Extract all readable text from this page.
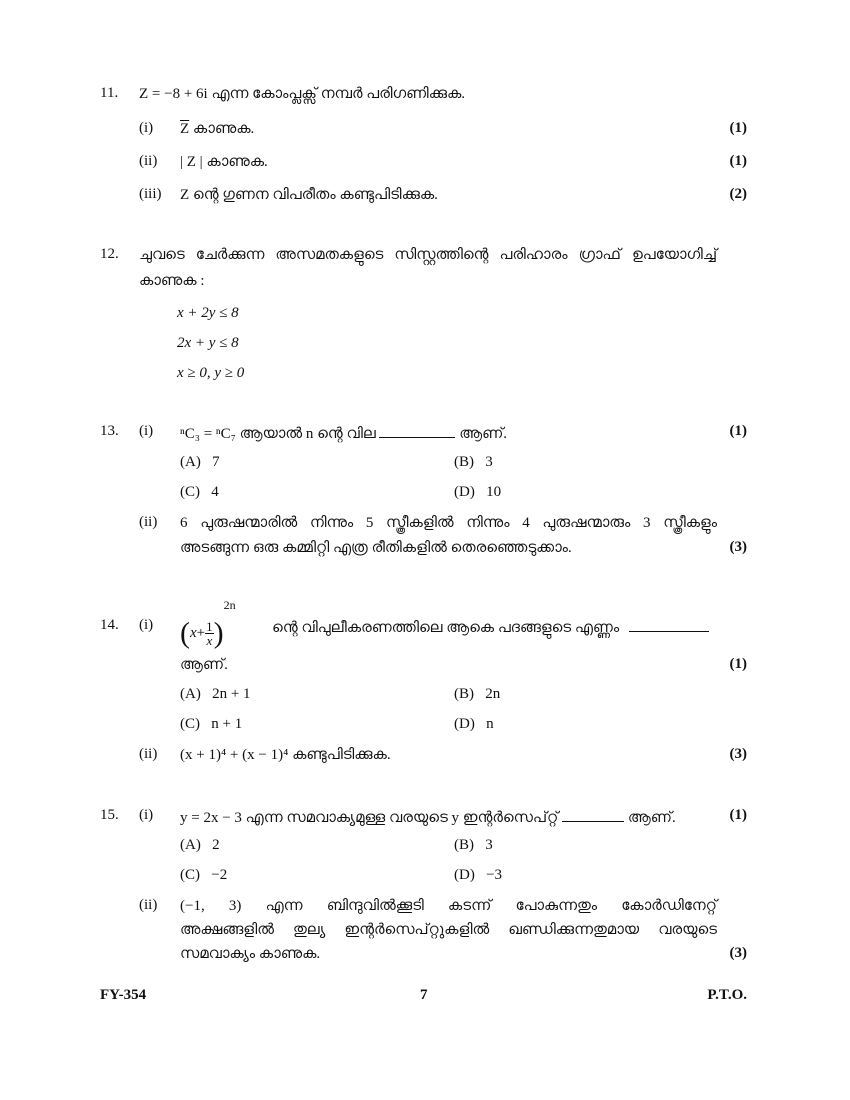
11. Z = −8 + 6i എന്ന കോംപ്ലക്സ് നമ്പർ പരിഗണിക്കുക.
(i) $\overline{Z}$ കാണുക.	(1)
(ii) | Z | കാണുക.	(1)
(iii) Z ന്റെ ഗുണന വിപരീതം കണ്ടുപിടിക്കുക.	(2)
12. ചുവടെ ചേർക്കുന്ന അസമതകളുടെ സിസ്റ്റത്തിന്റെ പരിഹാരം ഗ്രാഫ് ഉപയോഗിച്ച്
കാണുക :
x + 2y ≤ 8
2x + y ≤ 8
x ≥ 0, y ≥ 0
13. (i) ⁿC₃ = ⁿC₇ ആയാൽ n ന്റെ വില	ആണ്.	(1)
(A) 7	(B) 3
(C) 4	(D) 10
(ii) 6 പുരുഷന്മാരിൽ നിന്നും 5 സ്ത്രീകളിൽ നിന്നും 4 പുരുഷന്മാരും 3 സ്ത്രീകളും
അടങ്ങുന്ന ഒരു കമ്മിറ്റി എത്ര രീതികളിൽ തെരഞ്ഞെടുക്കാം.	(3)
14. (i) $(x+ \frac{1}{x} )^{2n}$
ന്റെ വിപുലീകരണത്തിലെ ആകെ പദങ്ങളുടെ എണ്ണം
ആണ്.	(1)
(A) 2n + 1	(B) 2n
(C) n + 1	(D) n
(ii) (x + 1)⁴ + (x − 1)⁴ കണ്ടുപിടിക്കുക.	(3)
15. (i) y = 2x − 3 എന്ന സമവാക്യമുള്ള വരയുടെ y ഇന്റർസെപ്റ്റ്	ആണ്.	(1)
(A) 2	(B) 3
(C) −2	(D) −3
(ii) (−1, 3) എന്ന ബിന്ദുവിൽക്കൂടി കടന്ന് പോകുന്നതും കോർഡിനേറ്റ്
അക്ഷങ്ങളിൽ തുല്യ ഇന്റർസെപ്റ്റുകളിൽ ഖണ്ഡിക്കുന്നതുമായ വരയുടെ
സമവാക്യം കാണുക.	(3)
FY-354	7	P.T.O.
